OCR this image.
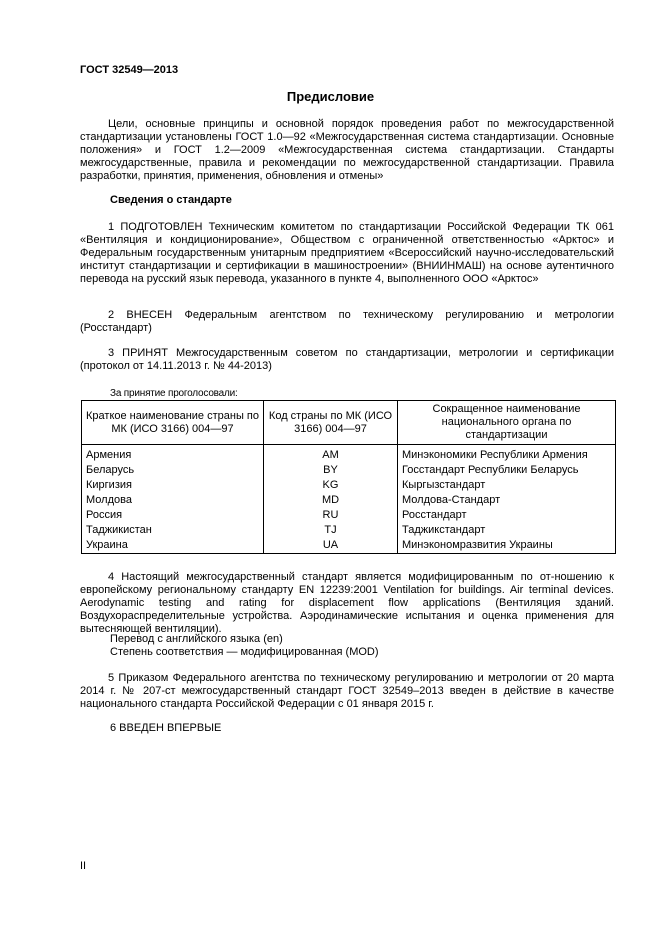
ГОСТ 32549—2013
Предисловие
Цели, основные принципы и основной порядок проведения работ по межгосударственной стандартизации установлены ГОСТ 1.0—92 «Межгосударственная система стандартизации. Основные положения» и ГОСТ 1.2—2009 «Межгосударственная система стандартизации. Стандарты межгосударственные, правила и рекомендации по межгосударственной стандартизации. Правила разработки, принятия, применения, обновления и отмены»
Сведения о стандарте
1 ПОДГОТОВЛЕН Техническим комитетом по стандартизации Российской Федерации ТК 061 «Вентиляция и кондиционирование», Обществом с ограниченной ответственностью «Арктос» и Федеральным государственным унитарным предприятием «Всероссийский научно-исследовательский институт стандартизации и сертификации в машиностроении» (ВНИИНМАШ) на основе аутентичного перевода на русский язык перевода, указанного в пункте 4, выполненного ООО «Арктос»
2 ВНЕСЕН Федеральным агентством по техническому регулированию и метрологии (Росстандарт)
3 ПРИНЯТ Межгосударственным советом по стандартизации, метрологии и сертификации (протокол от 14.11.2013 г. № 44-2013)
За принятие проголосовали:
Краткое наименование страны по МК (ИСО 3166) 004—97	Код страны по МК (ИСО 3166) 004—97	Сокращенное наименование национального органа по стандартизации
Армения	AM	Минэкономики Республики Армения
Беларусь	BY	Госстандарт Республики Беларусь
Киргизия	KG	Кыргызстандарт
Молдова	MD	Молдова-Стандарт
Россия	RU	Росстандарт
Таджикистан	TJ	Таджикстандарт
Украина	UA	Минэкономразвития Украины
4 Настоящий межгосударственный стандарт является модифицированным по от-ношению к европейскому региональному стандарту EN 12239:2001 Ventilation for buildings. Air terminal devices. Aerodynamic testing and rating for displacement flow applications (Вентиляция зданий. Воздухораспределительные устройства. Аэродинамические испытания и оценка применения для вытесняющей вентиляции).
Перевод с английского языка (en)
Степень соответствия — модифицированная (MOD)
5 Приказом Федерального агентства по техническому регулированию и метрологии от 20 марта 2014 г. № 207-ст межгосударственный стандарт ГОСТ 32549–2013 введен в действие в качестве национального стандарта Российской Федерации с 01 января 2015 г.
6 ВВЕДЕН ВПЕРВЫЕ
II
